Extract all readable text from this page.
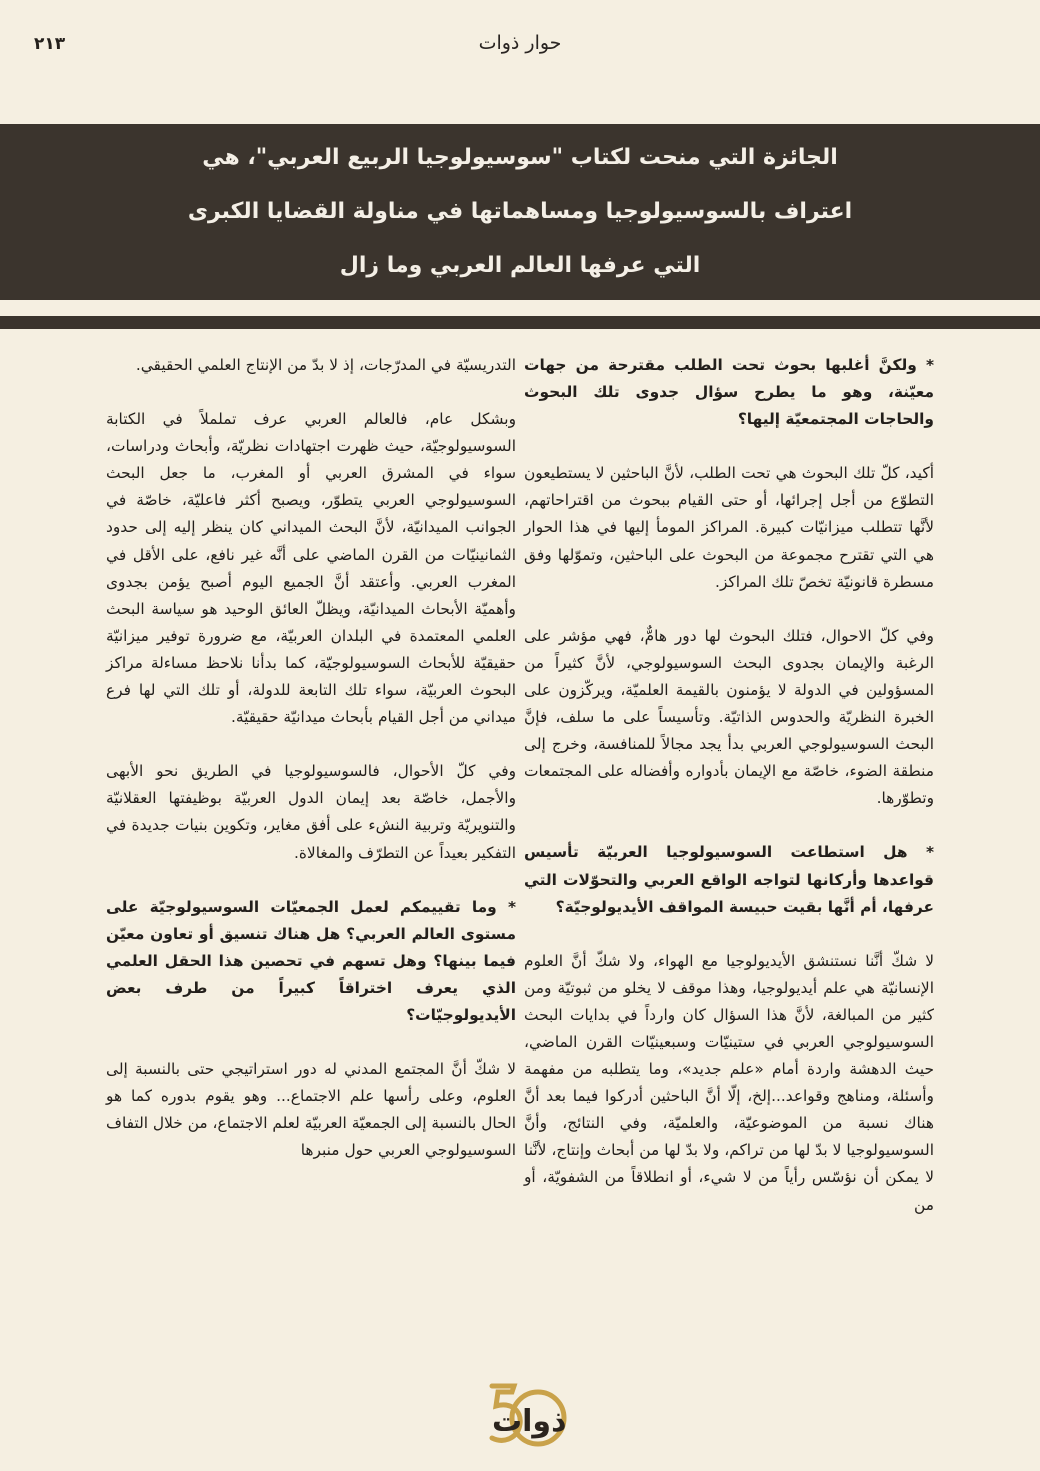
حوار ذوات
٢١٣
الجائزة التي منحت لكتاب "سوسيولوجيا الربيع العربي"، هي
اعتراف بالسوسيولوجيا ومساهماتها في مناولة القضايا الكبرى
التي عرفها العالم العربي وما زال

* ولكنَّ أغلبها بحوث تحت الطلب مقترحة من جهات معيّنة، وهو ما يطرح سؤال جدوى تلك البحوث والحاجات المجتمعيّة إليها؟

أكيد، كلّ تلك البحوث هي تحت الطلب، لأنَّ الباحثين لا يستطيعون التطوّع من أجل إجرائها، أو حتى القيام ببحوث من اقتراحاتهم، لأنَّها تتطلب ميزانيّات كبيرة. المراكز المومأ إليها في هذا الحوار هي التي تقترح مجموعة من البحوث على الباحثين، وتموّلها وفق مسطرة قانونيّة تخصّ تلك المراكز.

وفي كلّ الاحوال، فتلك البحوث لها دور هامٌّ، فهي مؤشر على الرغبة والإيمان بجدوى البحث السوسيولوجي، لأنَّ كثيراً من المسؤولين في الدولة لا يؤمنون بالقيمة العلميّة، ويركّزون على الخبرة النظريّة والحدوس الذاتيّة. وتأسيساً على ما سلف، فإنَّ البحث السوسيولوجي العربي بدأ يجد مجالاً للمنافسة، وخرج إلى منطقة الضوء، خاصّة مع الإيمان بأدواره وأفضاله على المجتمعات وتطوّرها.

* هل استطاعت السوسيولوجيا العربيّة تأسيس قواعدها وأركانها لتواجه الواقع العربي والتحوّلات التي عرفها، أم أنَّها بقيت حبيسة المواقف الأيديولوجيّة؟

لا شكّ أنَّنا نستنشق الأيديولوجيا مع الهواء، ولا شكّ أنَّ العلوم الإنسانيّة هي علم أيديولوجيا، وهذا موقف لا يخلو من ثبوتيّة ومن كثير من المبالغة، لأنَّ هذا السؤال كان وارداً في بدايات البحث السوسيولوجي العربي في ستينيّات وسبعينيّات القرن الماضي، حيث الدهشة واردة أمام «علم جديد»، وما يتطلبه من مفهمة وأسئلة، ومناهج وقواعد...إلخ، إلّا أنَّ الباحثين أدركوا فيما بعد أنَّ هناك نسبة من الموضوعيّة، والعلميّة، وفي النتائج، وأنَّ السوسيولوجيا لا بدّ لها من تراكم، ولا بدّ لها من أبحاث وإنتاج، لأنَّنا لا يمكن أن نؤسّس رأياً من لا شيء، أو انطلاقاً من الشفويّة، أو من

التدريسيّة في المدرّجات، إذ لا بدّ من الإنتاج العلمي الحقيقي.

وبشكل عام، فالعالم العربي عرف تململاً في الكتابة السوسيولوجيّة، حيث ظهرت اجتهادات نظريّة، وأبحاث ودراسات، سواء في المشرق العربي أو المغرب، ما جعل البحث السوسيولوجي العربي يتطوّر، ويصبح أكثر فاعليّة، خاصّة في الجوانب الميدانيّة، لأنَّ البحث الميداني كان ينظر إليه إلى حدود الثمانينيّات من القرن الماضي على أنَّه غير نافع، على الأقل في المغرب العربي. وأعتقد أنَّ الجميع اليوم أصبح يؤمن بجدوى وأهميّة الأبحاث الميدانيّة، ويظلّ العائق الوحيد هو سياسة البحث العلمي المعتمدة في البلدان العربيّة، مع ضرورة توفير ميزانيّة حقيقيّة للأبحاث السوسيولوجيّة، كما بدأنا نلاحظ مساءلة مراكز البحوث العربيّة، سواء تلك التابعة للدولة، أو تلك التي لها فرع ميداني من أجل القيام بأبحاث ميدانيّة حقيقيّة.

وفي كلّ الأحوال، فالسوسيولوجيا في الطريق نحو الأبهى والأجمل، خاصّة بعد إيمان الدول العربيّة بوظيفتها العقلانيّة والتنويريّة وتربية النشء على أفق مغاير، وتكوين بنيات جديدة في التفكير بعيداً عن التطرّف والمغالاة.

* وما تقييمكم لعمل الجمعيّات السوسيولوجيّة على مستوى العالم العربي؟ هل هناك تنسيق أو تعاون معيّن فيما بينها؟ وهل تسهم في تحصين هذا الحقل العلمي الذي يعرف اختراقاً كبيراً من طرف بعض الأيديولوجيّات؟

لا شكّ أنَّ المجتمع المدني له دور استراتيجي حتى بالنسبة إلى العلوم، وعلى رأسها علم الاجتماع... وهو يقوم بدوره كما هو الحال بالنسبة إلى الجمعيّة العربيّة لعلم الاجتماع، من خلال التفاف السوسيولوجي العربي حول منبرها

ذوات
